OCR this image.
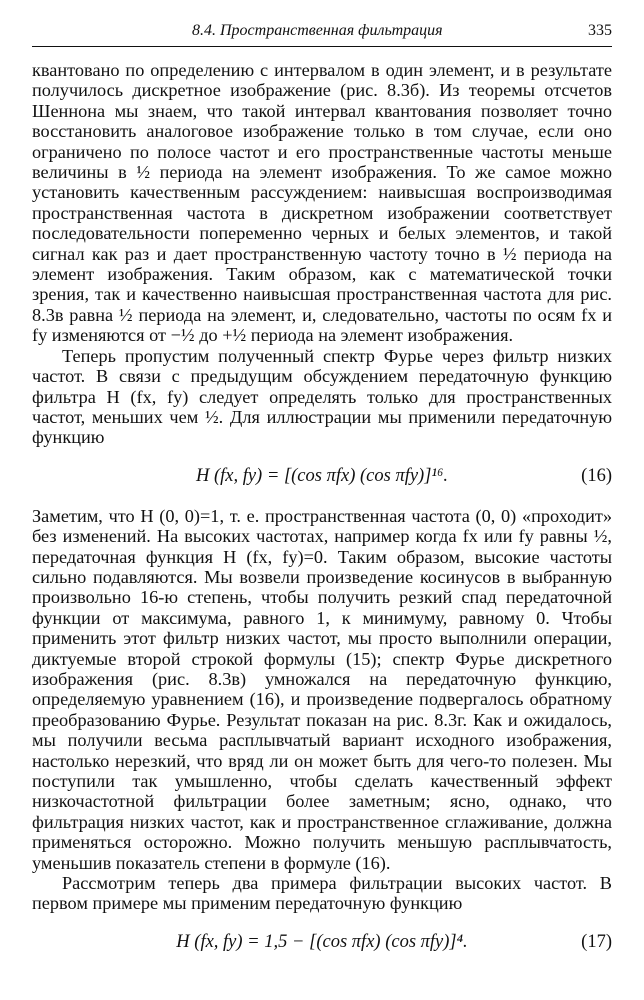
8.4. Пространственная фильтрация	335

квантовано по определению с интервалом в один элемент, и в результате получилось дискретное изображение (рис. 8.3б). Из теоремы отсчетов Шеннона мы знаем, что такой интервал квантования позволяет точно восстановить аналоговое изображение только в том случае, если оно ограничено по полосе частот и его пространственные частоты меньше величины в ½ периода на элемент изображения. То же самое можно установить качественным рассуждением: наивысшая воспроизводимая пространственная частота в дискретном изображении соответствует последовательности попеременно черных и белых элементов, и такой сигнал как раз и дает пространственную частоту точно в ½ периода на элемент изображения. Таким образом, как с математической точки зрения, так и качественно наивысшая пространственная частота для рис. 8.3в равна ½ периода на элемент, и, следовательно, частоты по осям fx и fy изменяются от −½ до +½ периода на элемент изображения.

Теперь пропустим полученный спектр Фурье через фильтр низких частот. В связи с предыдущим обсуждением передаточную функцию фильтра H (fx, fy) следует определять только для пространственных частот, меньших чем ½. Для иллюстрации мы применили передаточную функцию

H (fx, fy) = [(cos πfx) (cos πfy)]¹⁶.	(16)

Заметим, что H (0, 0)=1, т. е. пространственная частота (0, 0) «проходит» без изменений. На высоких частотах, например когда fx или fy равны ½, передаточная функция H (fx, fy)=0. Таким образом, высокие частоты сильно подавляются. Мы возвели произведение косинусов в выбранную произвольно 16-ю степень, чтобы получить резкий спад передаточной функции от максимума, равного 1, к минимуму, равному 0. Чтобы применить этот фильтр низких частот, мы просто выполнили операции, диктуемые второй строкой формулы (15); спектр Фурье дискретного изображения (рис. 8.3в) умножался на передаточную функцию, определяемую уравнением (16), и произведение подвергалось обратному преобразованию Фурье. Результат показан на рис. 8.3г. Как и ожидалось, мы получили весьма расплывчатый вариант исходного изображения, настолько нерезкий, что вряд ли он может быть для чего-то полезен. Мы поступили так умышленно, чтобы сделать качественный эффект низкочастотной фильтрации более заметным; ясно, однако, что фильтрация низких частот, как и пространственное сглаживание, должна применяться осторожно. Можно получить меньшую расплывчатость, уменьшив показатель степени в формуле (16).

Рассмотрим теперь два примера фильтрации высоких частот. В первом примере мы применим передаточную функцию

H (fx, fy) = 1,5 − [(cos πfx) (cos πfy)]⁴.	(17)
